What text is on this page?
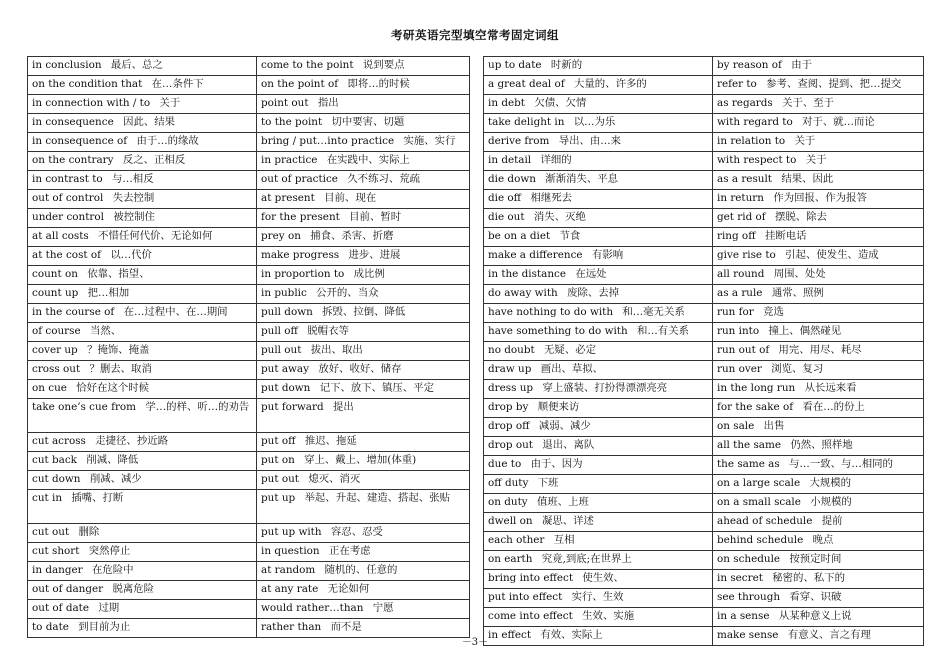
考研英语完型填空常考固定词组
in conclusion 最后、总之	come to the point 说到要点
on the condition that 在…条件下	on the point of 即将…的时候
in connection with / to 关于	point out 指出
in consequence 因此、结果	to the point 切中要害、切题
in consequence of 由于…的缘故	bring / put…into practice 实施、实行
on the contrary 反之、正相反	in practice 在实践中、实际上
in contrast to 与…相反	out of practice 久不练习、荒疏
out of control 失去控制	at present 目前、现在
under control 被控制住	for the present 目前、暂时
at all costs 不惜任何代价、无论如何	prey on 捕食、杀害、折磨
at the cost of 以…代价	make progress 进步、进展
count on 依靠、指望、	in proportion to 成比例
count up 把…相加	in public 公开的、当众
in the course of 在…过程中、在…期间	pull down 拆毁、拉倒、降低
of course 当然、	pull off 脱帽衣等
cover up ？掩饰、掩盖	pull out 拔出、取出
cross out ？删去、取消	put away 放好、收好、储存
on cue 恰好在这个时候	put down 记下、放下、镇压、平定
take one’s cue from 学…的样、听…的劝告	put forward 提出
cut across 走捷径、抄近路	put off 推迟、拖延
cut back 削减、降低	put on 穿上、戴上、增加(体重)
cut down 削减、减少	put out 熄灭、消灭
cut in 插嘴、打断	put up 举起、升起、建造、搭起、张贴
cut out 删除	put up with 容忍、忍受
cut short 突然停止	in question 正在考虑
in danger 在危险中	at random 随机的、任意的
out of danger 脱离危险	at any rate 无论如何
out of date 过期	would rather…than 宁愿
to date 到目前为止	rather than 而不是
up to date 时新的	by reason of 由于
a great deal of 大量的、许多的	refer to 参考、查阅、提到、把…提交
in debt 欠债、欠情	as regards 关于、至于
take delight in 以…为乐	with regard to 对于、就…而论
derive from 导出、由…来	in relation to 关于
in detail 详细的	with respect to 关于
die down 渐渐消失、平息	as a result 结果、因此
die off 相继死去	in return 作为回报、作为报答
die out 消失、灭绝	get rid of 摆脱、除去
be on a diet 节食	ring off 挂断电话
make a difference 有影响	give rise to 引起、使发生、造成
in the distance 在远处	all round 周围、处处
do away with 废除、去掉	as a rule 通常、照例
have nothing to do with 和…毫无关系	run for 竞选
have something to do with 和…有关系	run into 撞上、偶然碰见
no doubt 无疑、必定	run out of 用完、用尽、耗尽
draw up 画出、草拟、	run over 浏览、复习
dress up 穿上盛装、打扮得漂漂亮亮	in the long run 从长远来看
drop by 顺便来访	for the sake of 看在…的份上
drop off 减弱、减少	on sale 出售
drop out 退出、离队	all the same 仍然、照样地
due to 由于、因为	the same as 与…一致、与…相同的
off duty 下班	on a large scale 大规模的
on duty 值班、上班	on a small scale 小规模的
dwell on 凝思、详述	ahead of schedule 提前
each other 互相	behind schedule 晚点
on earth 究竟,到底;在世界上	on schedule 按预定时间
bring into effect 使生效、	in secret 秘密的、私下的
put into effect 实行、生效	see through 看穿、识破
come into effect 生效、实施	in a sense 从某种意义上说
in effect 有效、实际上	make sense 有意义、言之有理
－3－
